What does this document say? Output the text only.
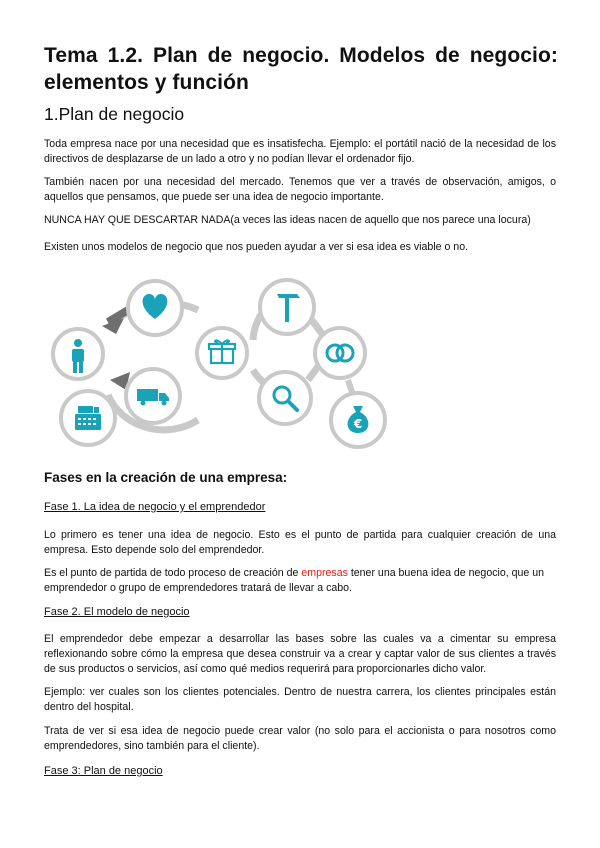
Tema 1.2. Plan de negocio. Modelos de negocio: elementos y función
1.Plan de negocio

Toda empresa nace por una necesidad que es insatisfecha. Ejemplo: el portátil nació de la necesidad de los directivos de desplazarse de un lado a otro y no podían llevar el ordenador fijo.

También nacen por una necesidad del mercado. Tenemos que ver a través de observación, amigos, o aquellos que pensamos, que puede ser una idea de negocio importante.

NUNCA HAY QUE DESCARTAR NADA(a veces las ideas nacen de aquello que nos parece una locura)

Existen unos modelos de negocio que nos pueden ayudar a ver si esa idea es viable o no.

€
Fases en la creación de una empresa:

Fase 1. La idea de negocio y el emprendedor

Lo primero es tener una idea de negocio. Esto es el punto de partida para cualquier creación de una empresa. Esto depende solo del emprendedor.

Es el punto de partida de todo proceso de creación de empresas tener una buena idea de negocio, que un emprendedor o grupo de emprendedores tratará de llevar a cabo.

Fase 2. El modelo de negocio

El emprendedor debe empezar a desarrollar las bases sobre las cuales va a cimentar su empresa reflexionando sobre cómo la empresa que desea construir va a crear y captar valor de sus clientes a través de sus productos o servicios, así como qué medios requerirá para proporcionarles dicho valor.

Ejemplo: ver cuales son los clientes potenciales. Dentro de nuestra carrera, los clientes principales están dentro del hospital.

Trata de ver si esa idea de negocio puede crear valor (no solo para el accionista o para nosotros como emprendedores, sino también para el cliente).

Fase 3: Plan de negocio
